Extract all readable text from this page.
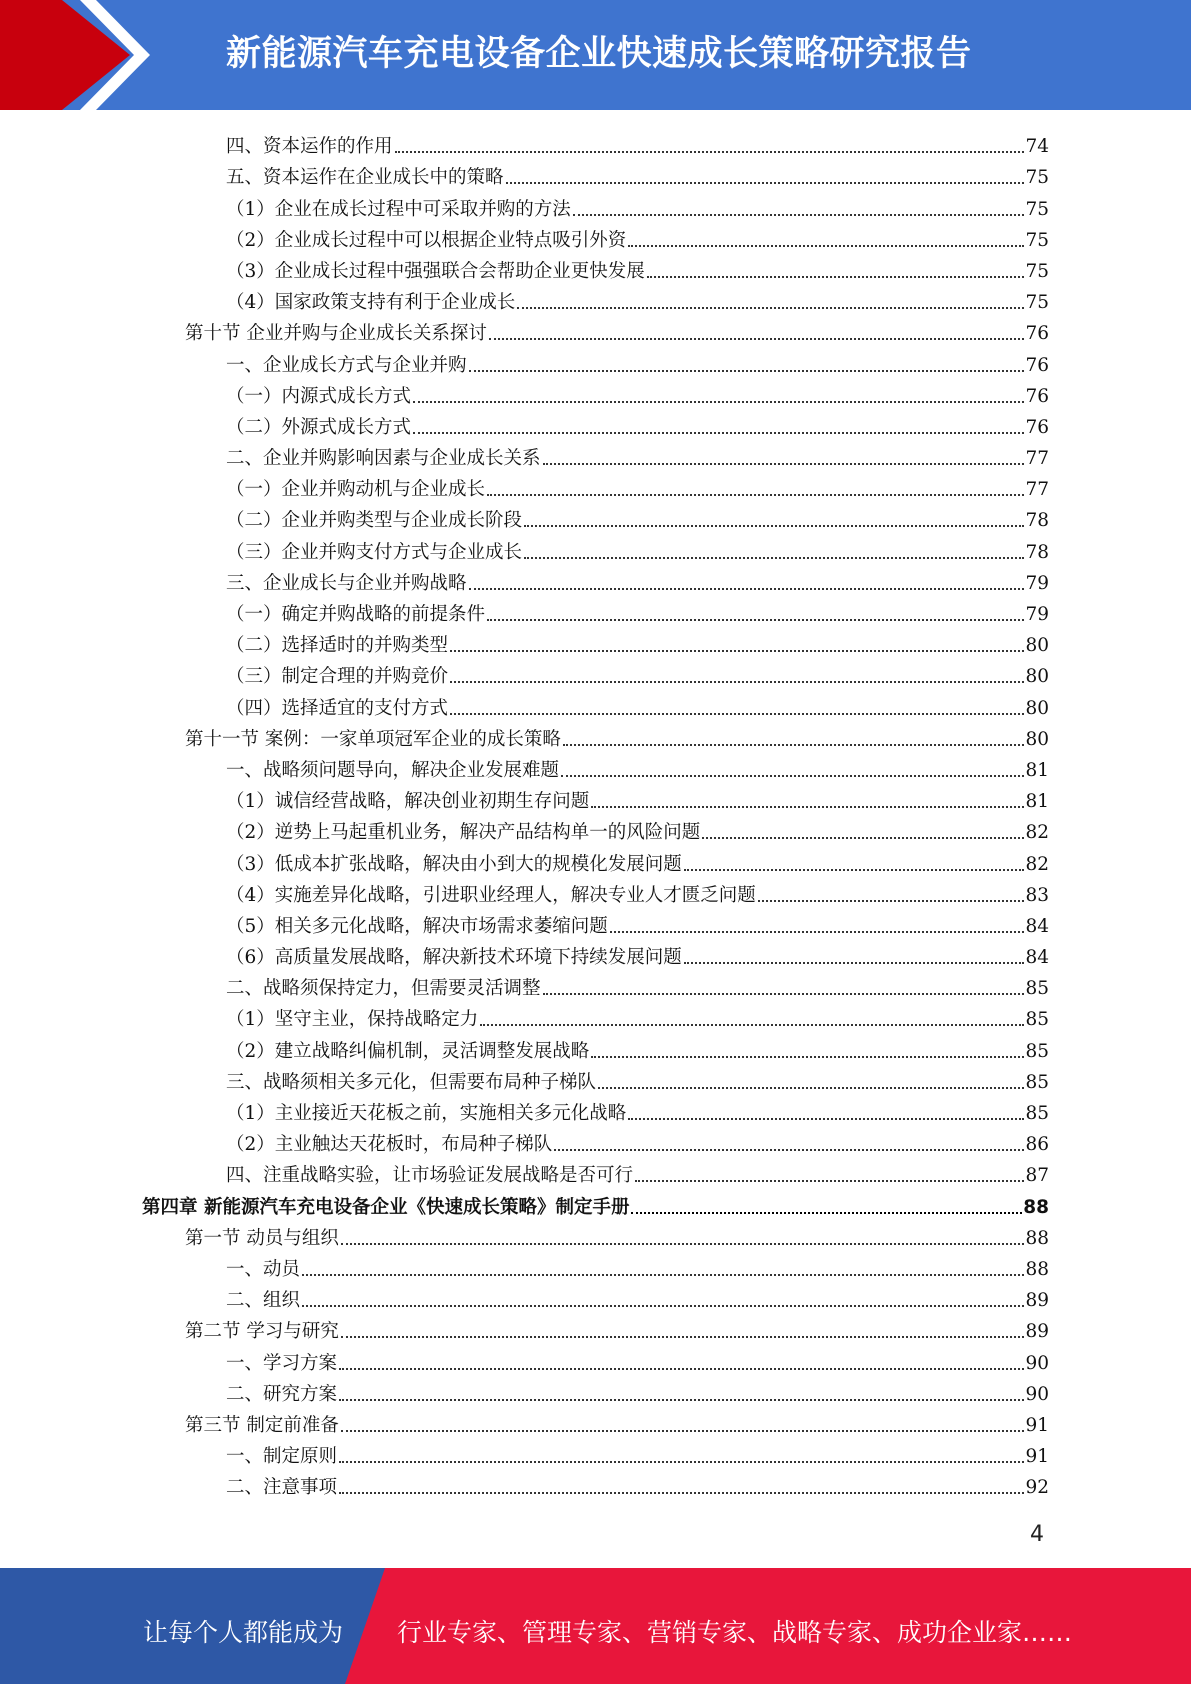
新能源汽车充电设备企业快速成长策略研究报告
四、资本运作的作用	74
五、资本运作在企业成长中的策略	75
（1）企业在成长过程中可采取并购的方法	75
（2）企业成长过程中可以根据企业特点吸引外资	75
（3）企业成长过程中强强联合会帮助企业更快发展	75
（4）国家政策支持有利于企业成长	75
第十节 企业并购与企业成长关系探讨	76
一、企业成长方式与企业并购	76
（一）内源式成长方式	76
（二）外源式成长方式	76
二、企业并购影响因素与企业成长关系	77
（一）企业并购动机与企业成长	77
（二）企业并购类型与企业成长阶段	78
（三）企业并购支付方式与企业成长	78
三、企业成长与企业并购战略	79
（一）确定并购战略的前提条件	79
（二）选择适时的并购类型	80
（三）制定合理的并购竞价	80
（四）选择适宜的支付方式	80
第十一节 案例：一家单项冠军企业的成长策略	80
一、战略须问题导向，解决企业发展难题	81
（1）诚信经营战略，解决创业初期生存问题	81
（2）逆势上马起重机业务，解决产品结构单一的风险问题	82
（3）低成本扩张战略，解决由小到大的规模化发展问题	82
（4）实施差异化战略，引进职业经理人，解决专业人才匮乏问题	83
（5）相关多元化战略，解决市场需求萎缩问题	84
（6）高质量发展战略，解决新技术环境下持续发展问题	84
二、战略须保持定力，但需要灵活调整	85
（1）坚守主业，保持战略定力	85
（2）建立战略纠偏机制，灵活调整发展战略	85
三、战略须相关多元化，但需要布局种子梯队	85
（1）主业接近天花板之前，实施相关多元化战略	85
（2）主业触达天花板时，布局种子梯队	86
四、注重战略实验，让市场验证发展战略是否可行	87
第四章 新能源汽车充电设备企业《快速成长策略》制定手册	88
第一节 动员与组织	88
一、动员	88
二、组织	89
第二节 学习与研究	89
一、学习方案	90
二、研究方案	90
第三节 制定前准备	91
一、制定原则	91
二、注意事项	92
4
让每个人都能成为 行业专家、管理专家、营销专家、战略专家、成功企业家……
